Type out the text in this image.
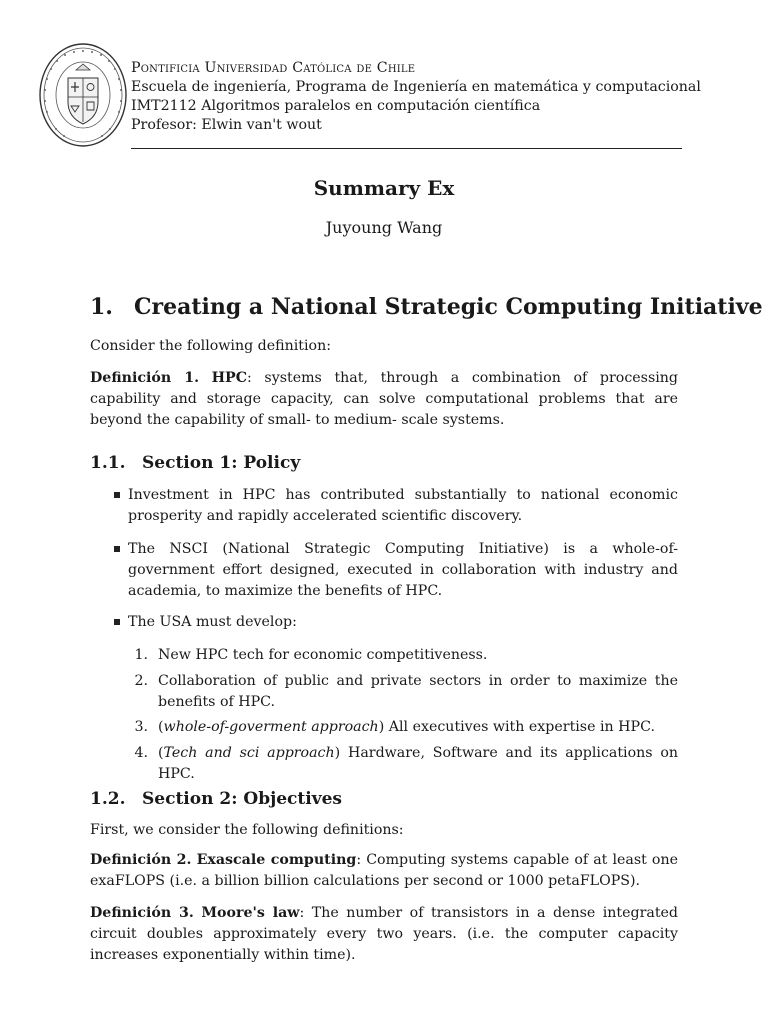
Pontificia Universidad Católica de Chile
Escuela de ingeniería, Programa de Ingeniería en matemática y computacional
IMT2112 Algoritmos paralelos en computación científica
Profesor: Elwin van't wout
Summary Ex
Juyoung Wang
1. Creating a National Strategic Computing Initiative
Consider the following definition:
Definición 1. HPC: systems that, through a combination of processing capability and storage capacity, can solve computational problems that are beyond the capability of small- to medium- scale systems.
1.1. Section 1: Policy
Investment in HPC has contributed substantially to national economic prosperity and rapidly accelerated scientific discovery.
The NSCI (National Strategic Computing Initiative) is a whole-of-government effort designed, executed in collaboration with industry and academia, to maximize the benefits of HPC.
The USA must develop:
1. New HPC tech for economic competitiveness.
2. Collaboration of public and private sectors in order to maximize the benefits of HPC.
3. (whole-of-goverment approach) All executives with expertise in HPC.
4. (Tech and sci approach) Hardware, Software and its applications on HPC.
1.2. Section 2: Objectives
First, we consider the following definitions:
Definición 2. Exascale computing: Computing systems capable of at least one exaFLOPS (i.e. a billion billion calculations per second or 1000 petaFLOPS).
Definición 3. Moore's law: The number of transistors in a dense integrated circuit doubles approximately every two years. (i.e. the computer capacity increases exponentially within time).
